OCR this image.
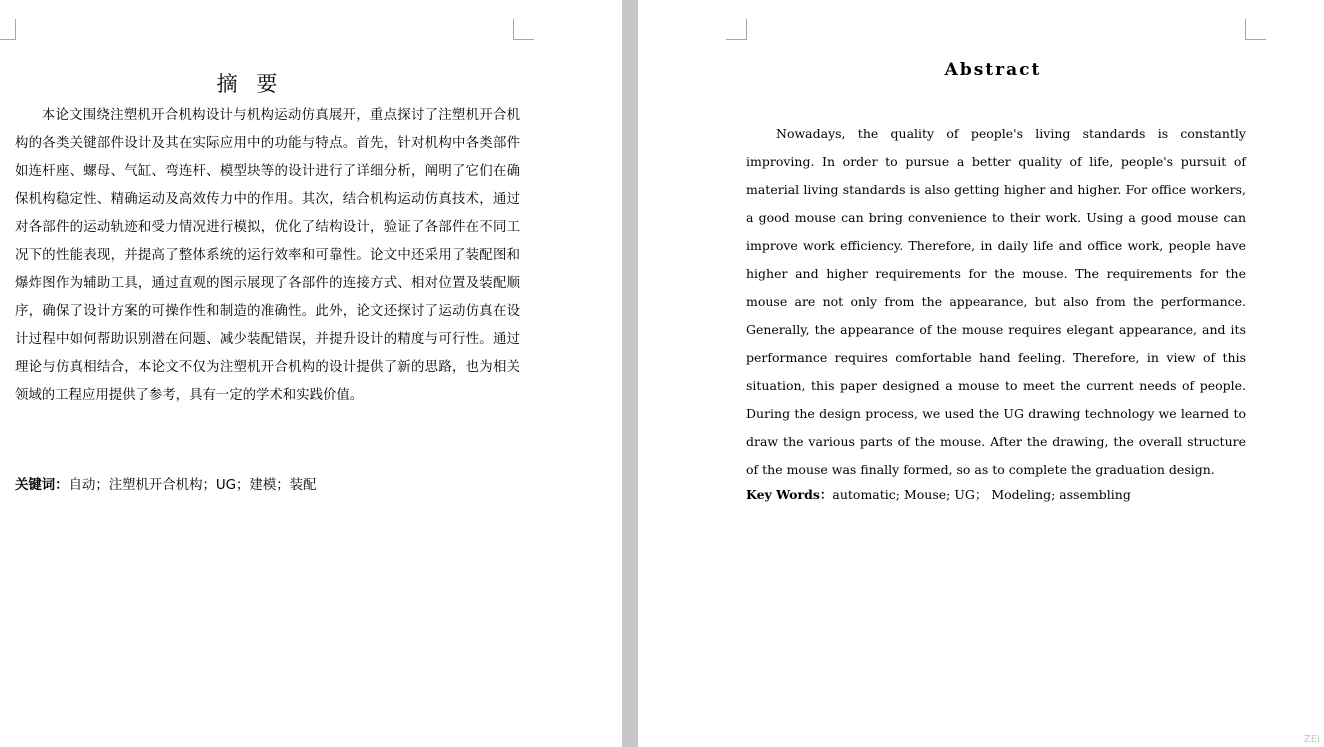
摘 要

本论文围绕注塑机开合机构设计与机构运动仿真展开，重点探讨了注塑机开合机构的各类关键部件设计及其在实际应用中的功能与特点。首先，针对机构中各类部件如连杆座、螺母、气缸、弯连杆、模型块等的设计进行了详细分析，阐明了它们在确保机构稳定性、精确运动及高效传力中的作用。其次，结合机构运动仿真技术，通过对各部件的运动轨迹和受力情况进行模拟，优化了结构设计，验证了各部件在不同工况下的性能表现，并提高了整体系统的运行效率和可靠性。论文中还采用了装配图和爆炸图作为辅助工具，通过直观的图示展现了各部件的连接方式、相对位置及装配顺序，确保了设计方案的可操作性和制造的准确性。此外，论文还探讨了运动仿真在设计过程中如何帮助识别潜在问题、减少装配错误，并提升设计的精度与可行性。通过理论与仿真相结合，本论文不仅为注塑机开合机构的设计提供了新的思路，也为相关领域的工程应用提供了参考，具有一定的学术和实践价值。

关键词：自动；注塑机开合机构；UG；建模；装配
Abstract

Nowadays, the quality of people's living standards is constantly improving. In order to pursue a better quality of life, people's pursuit of material living standards is also getting higher and higher. For office workers, a good mouse can bring convenience to their work. Using a good mouse can improve work efficiency. Therefore, in daily life and office work, people have higher and higher requirements for the mouse. The requirements for the mouse are not only from the appearance, but also from the performance. Generally, the appearance of the mouse requires elegant appearance, and its performance requires comfortable hand feeling. Therefore, in view of this situation, this paper designed a mouse to meet the current needs of people. During the design process, we used the UG drawing technology we learned to draw the various parts of the mouse. After the drawing, the overall structure of the mouse was finally formed, so as to complete the graduation design.

Key Words：automatic; Mouse; UG； Modeling; assembling
ZEI
